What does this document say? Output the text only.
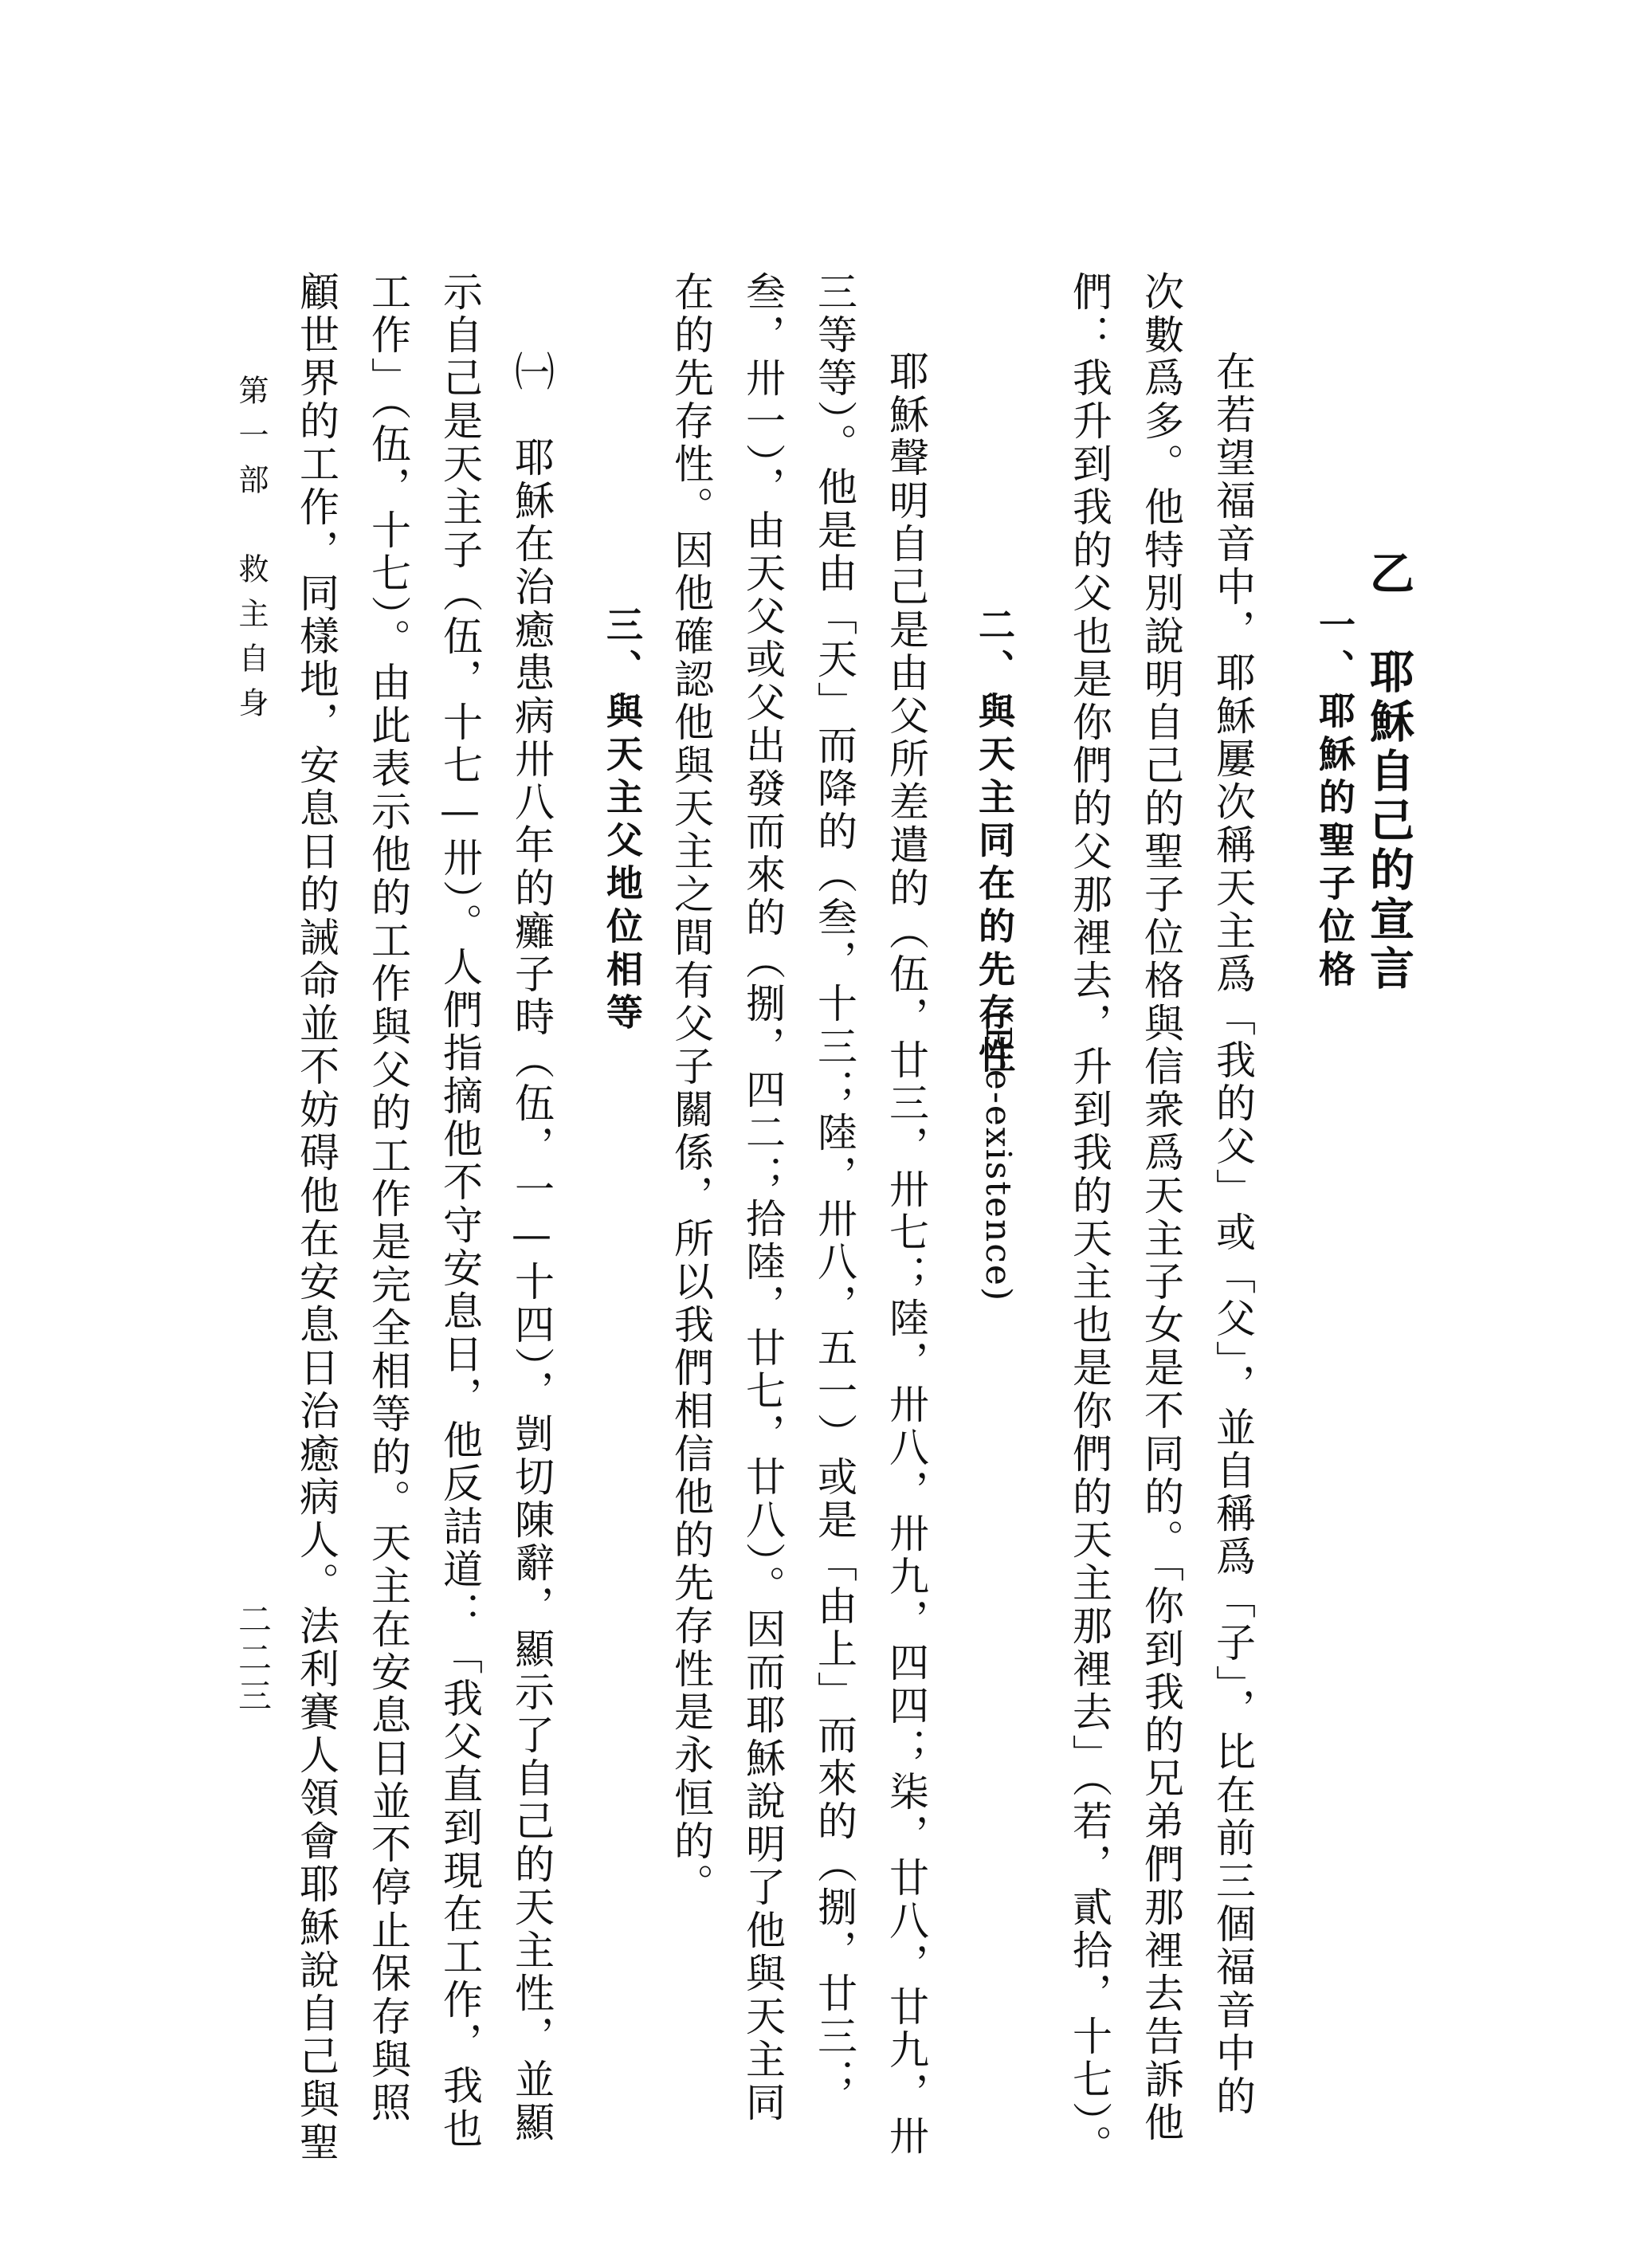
乙　耶穌自己的宣言
一、耶穌的聖子位格
在若望福音中，耶穌屢次稱天主爲「我的父」或「父」，並自稱爲「子」，比在前三個福音中的
次數爲多。他特別說明自己的聖子位格與信衆爲天主子女是不同的。「你到我的兄弟們那裡去告訴他
們：我升到我的父也是你們的父那裡去，升到我的天主也是你們的天主那裡去」（若，貳拾，十七）。
二、與天主同在的先存性
(Pre-existence)
耶穌聲明自己是由父所差遣的（伍，廿三，卅七；陸，卅八，卅九，四四；柒，廿八，廿九，卅
三等等）。他是由「天」而降的（叁，十三；陸，卅八，五一）或是「由上」而來的（捌，廿三；
叁，卅一），由天父或父出發而來的（捌，四二；拾陸，廿七，廿八）。因而耶穌說明了他與天主同
在的先存性。因他確認他與天主之間有父子關係，所以我們相信他的先存性是永恒的。
三、與天主父地位相等
㈠　耶穌在治癒患病卅八年的癱子時（伍，一—十四），剴切陳辭，顯示了自己的天主性，並顯
示自己是天主子（伍，十七—卅）。人們指摘他不守安息日，他反詰道：「我父直到現在工作，我也
工作」（伍，十七）。由此表示他的工作與父的工作是完全相等的。天主在安息日並不停止保存與照
顧世界的工作，同樣地，安息日的誡命並不妨碍他在安息日治癒病人。法利賽人領會耶穌說自己與聖
第一部　救主自身
二二三
